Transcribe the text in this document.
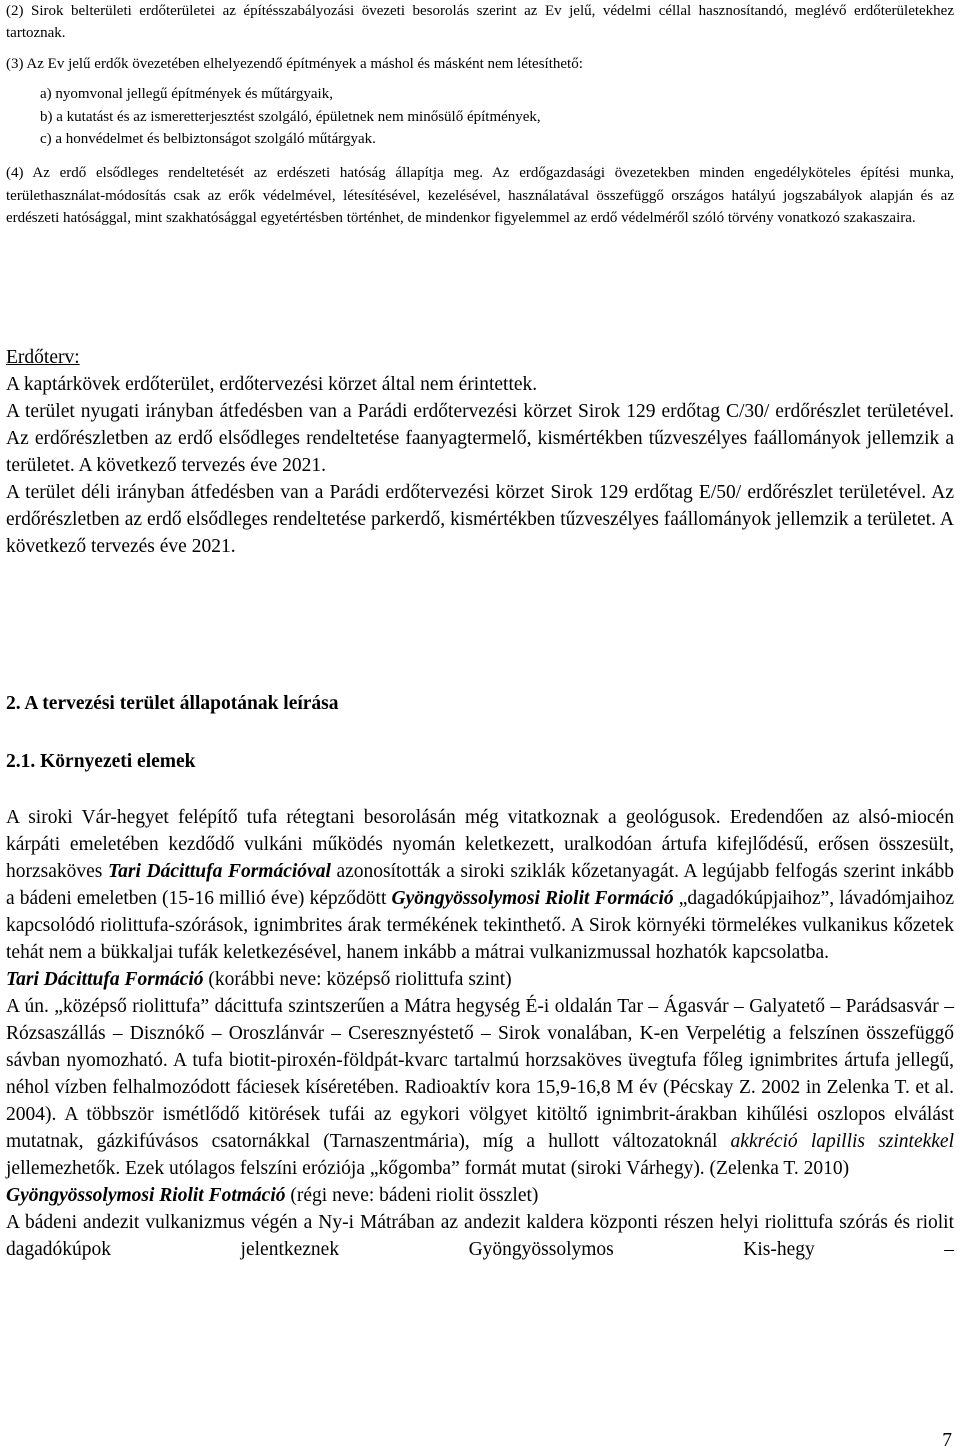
(2) Sirok belterületi erdőterületei az építésszabályozási övezeti besorolás szerint az Ev jelű, védelmi céllal hasznosítandó, meglévő erdőterületekhez tartoznak.

(3) Az Ev jelű erdők övezetében elhelyezendő építmények a máshol és másként nem létesíthető:

a) nyomvonal jellegű építmények és műtárgyaik,
b) a kutatást és az ismeretterjesztést szolgáló, épületnek nem minősülő építmények,
c) a honvédelmet és belbiztonságot szolgáló műtárgyak.

(4) Az erdő elsődleges rendeltetését az erdészeti hatóság állapítja meg. Az erdőgazdasági övezetekben minden engedélyköteles építési munka, területhasználat-módosítás csak az erők védelmével, létesítésével, kezelésével, használatával összefüggő országos hatályú jogszabályok alapján és az erdészeti hatósággal, mint szakhatósággal egyetértésben történhet, de mindenkor figyelemmel az erdő védelméről szóló törvény vonatkozó szakaszaira.

Erdőterv:

A kaptárkövek erdőterület, erdőtervezési körzet által nem érintettek.

A terület nyugati irányban átfedésben van a Parádi erdőtervezési körzet Sirok 129 erdőtag C/30/ erdőrészlet területével. Az erdőrészletben az erdő elsődleges rendeltetése faanyagtermelő, kismértékben tűzveszélyes faállományok jellemzik a területet. A következő tervezés éve 2021.

A terület déli irányban átfedésben van a Parádi erdőtervezési körzet Sirok 129 erdőtag E/50/ erdőrészlet területével. Az erdőrészletben az erdő elsődleges rendeltetése parkerdő, kismértékben tűzveszélyes faállományok jellemzik a területet. A következő tervezés éve 2021.

2. A tervezési terület állapotának leírása
2.1. Környezeti elemek

A siroki Vár-hegyet felépítő tufa rétegtani besorolásán még vitatkoznak a geológusok. Eredendően az alsó-miocén kárpáti emeletében kezdődő vulkáni működés nyomán keletkezett, uralkodóan ártufa kifejlődésű, erősen összesült, horzsaköves Tari Dácittufa Formációval azonosították a siroki sziklák kőzetanyagát. A legújabb felfogás szerint inkább a bádeni emeletben (15-16 millió éve) képződött Gyöngyössolymosi Riolit Formáció „dagadókúpjaihoz”, lávadómjaihoz kapcsolódó riolittufa-szórások, ignimbrites árak termékének tekinthető. A Sirok környéki törmelékes vulkanikus kőzetek tehát nem a bükkaljai tufák keletkezésével, hanem inkább a mátrai vulkanizmussal hozhatók kapcsolatba.

Tari Dácittufa Formáció (korábbi neve: középső riolittufa szint)

A ún. „középső riolittufa” dácittufa szintszerűen a Mátra hegység É-i oldalán Tar – Ágasvár – Galyatető – Parádsasvár – Rózsaszállás – Disznókő – Oroszlánvár – Cseresznyéstető – Sirok vonalában, K-en Verpelétig a felszínen összefüggő sávban nyomozható. A tufa biotit-piroxén-földpát-kvarc tartalmú horzsaköves üvegtufa főleg ignimbrites ártufa jellegű, néhol vízben felhalmozódott fáciesek kíséretében. Radioaktív kora 15,9-16,8 M év (Pécskay Z. 2002 in Zelenka T. et al. 2004). A többször ismétlődő kitörések tufái az egykori völgyet kitöltő ignimbrit-árakban kihűlési oszlopos elválást mutatnak, gázkifúvásos csatornákkal (Tarnaszentmária), míg a hullott változatoknál akkréció lapillis szintekkel jellemezhetők. Ezek utólagos felszíni eróziója „kőgomba” formát mutat (siroki Várhegy). (Zelenka T. 2010)

Gyöngyössolymosi Riolit Fotmáció (régi neve: bádeni riolit összlet)

A bádeni andezit vulkanizmus végén a Ny-i Mátrában az andezit kaldera központi részen helyi riolittufa szórás és riolit dagadókúpok jelentkeznek Gyöngyössolymos Kis-hegy –

7
